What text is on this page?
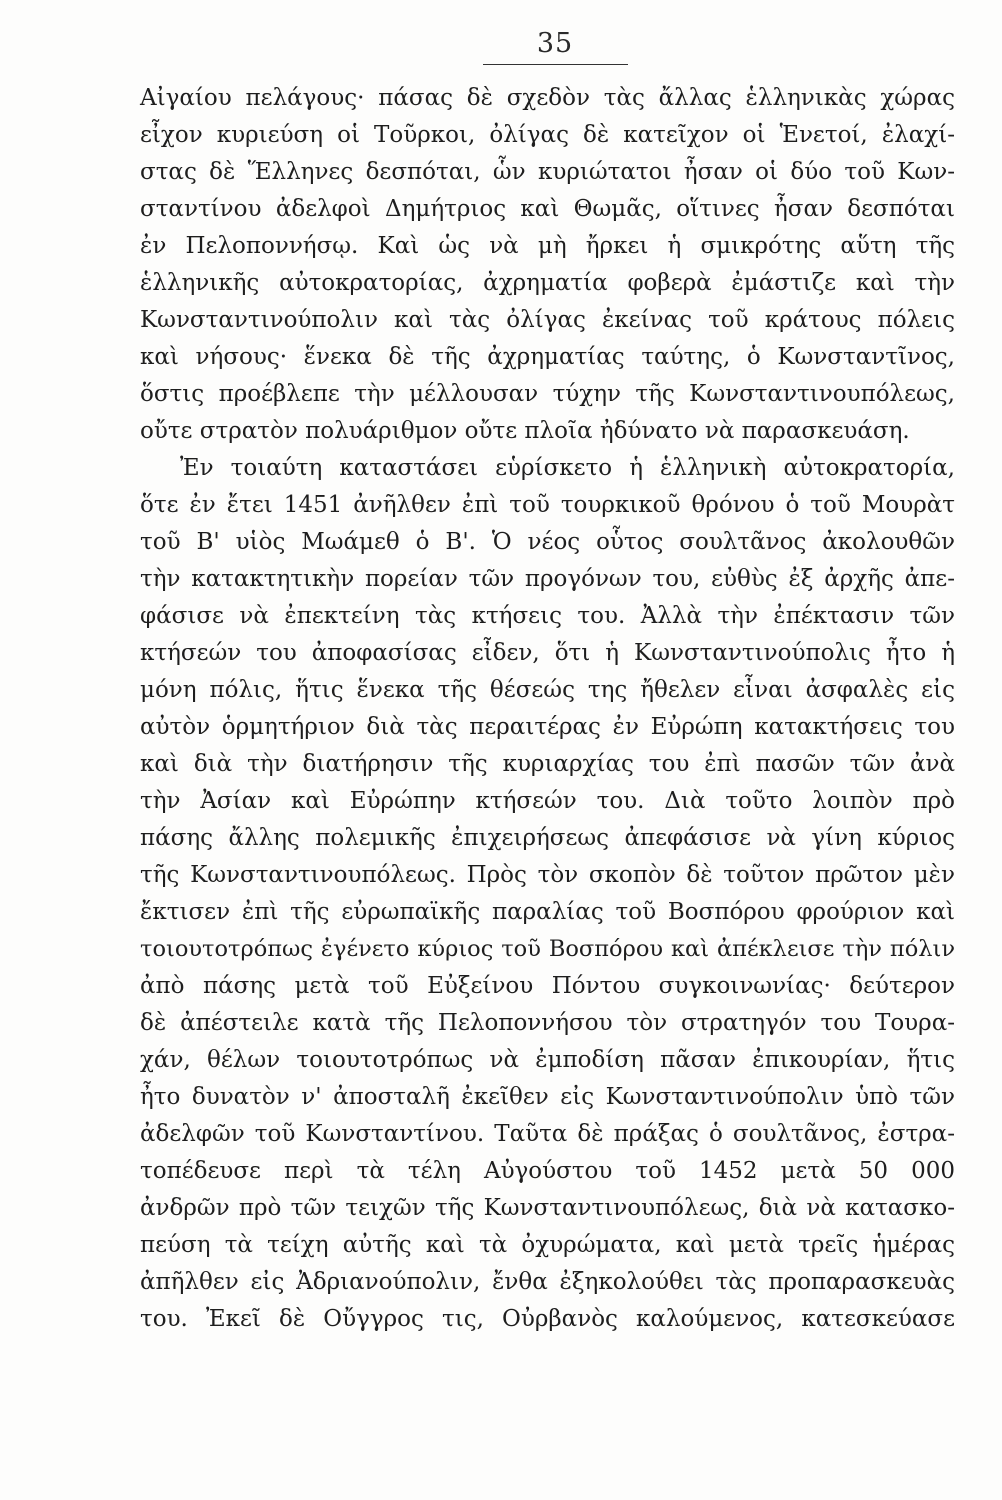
35
Αἰγαίου πελάγους· πάσας δὲ σχεδὸν τὰς ἄλλας ἑλληνικὰς χώρας
εἶχον κυριεύση οἱ Τοῦρκοι, ὀλίγας δὲ κατεῖχον οἱ Ἑνετοί, ἐλαχί-
στας δὲ Ἕλληνες δεσπόται, ὧν κυριώτατοι ἦσαν οἱ δύο τοῦ Κων-
σταντίνου ἀδελφοὶ Δημήτριος καὶ Θωμᾶς, οἵτινες ἦσαν δεσπόται
ἐν Πελοποννήσῳ. Καὶ ὡς νὰ μὴ ἤρκει ἡ σμικρότης αὕτη τῆς
ἑλληνικῆς αὐτοκρατορίας, ἀχρηματία φοβερὰ ἐμάστιζε καὶ τὴν
Κωνσταντινούπολιν καὶ τὰς ὀλίγας ἐκείνας τοῦ κράτους πόλεις
καὶ νήσους· ἕνεκα δὲ τῆς ἀχρηματίας ταύτης, ὁ Κωνσταντῖνος,
ὅστις προέβλεπε τὴν μέλλουσαν τύχην τῆς Κωνσταντινουπόλεως,
οὔτε στρατὸν πολυάριθμον οὔτε πλοῖα ἠδύνατο νὰ παρασκευάση.
Ἐν τοιαύτη καταστάσει εὑρίσκετο ἡ ἑλληνικὴ αὐτοκρατορία,
ὅτε ἐν ἔτει 1451 ἀνῆλθεν ἐπὶ τοῦ τουρκικοῦ θρόνου ὁ τοῦ Μουρὰτ
τοῦ Β' υἱὸς Μωάμεθ ὁ Β'. Ὁ νέος οὗτος σουλτᾶνος ἀκολουθῶν
τὴν κατακτητικὴν πορείαν τῶν προγόνων του, εὐθὺς ἐξ ἀρχῆς ἀπε-
φάσισε νὰ ἐπεκτείνη τὰς κτήσεις του. Ἀλλὰ τὴν ἐπέκτασιν τῶν
κτήσεών του ἀποφασίσας εἶδεν, ὅτι ἡ Κωνσταντινούπολις ἦτο ἡ
μόνη πόλις, ἥτις ἕνεκα τῆς θέσεώς της ἤθελεν εἶναι ἀσφαλὲς εἰς
αὐτὸν ὁρμητήριον διὰ τὰς περαιτέρας ἐν Εὐρώπη κατακτήσεις του
καὶ διὰ τὴν διατήρησιν τῆς κυριαρχίας του ἐπὶ πασῶν τῶν ἀνὰ
τὴν Ἀσίαν καὶ Εὐρώπην κτήσεών του. Διὰ τοῦτο λοιπὸν πρὸ
πάσης ἄλλης πολεμικῆς ἐπιχειρήσεως ἀπεφάσισε νὰ γίνη κύριος
τῆς Κωνσταντινουπόλεως. Πρὸς τὸν σκοπὸν δὲ τοῦτον πρῶτον μὲν
ἔκτισεν ἐπὶ τῆς εὐρωπαϊκῆς παραλίας τοῦ Βοσπόρου φρούριον καὶ
τοιουτοτρόπως ἐγένετο κύριος τοῦ Βοσπόρου καὶ ἀπέκλεισε τὴν πόλιν
ἀπὸ πάσης μετὰ τοῦ Εὐξείνου Πόντου συγκοινωνίας· δεύτερον
δὲ ἀπέστειλε κατὰ τῆς Πελοποννήσου τὸν στρατηγόν του Τουρα-
χάν, θέλων τοιουτοτρόπως νὰ ἐμποδίση πᾶσαν ἐπικουρίαν, ἥτις
ἦτο δυνατὸν ν' ἀποσταλῆ ἐκεῖθεν εἰς Κωνσταντινούπολιν ὑπὸ τῶν
ἀδελφῶν τοῦ Κωνσταντίνου. Ταῦτα δὲ πράξας ὁ σουλτᾶνος, ἐστρα-
τοπέδευσε περὶ τὰ τέλη Αὐγούστου τοῦ 1452 μετὰ 50 000
ἀνδρῶν πρὸ τῶν τειχῶν τῆς Κωνσταντινουπόλεως, διὰ νὰ κατασκο-
πεύση τὰ τείχη αὐτῆς καὶ τὰ ὀχυρώματα, καὶ μετὰ τρεῖς ἡμέρας
ἀπῆλθεν εἰς Ἀδριανούπολιν, ἔνθα ἐξηκολούθει τὰς προπαρασκευὰς
του. Ἐκεῖ δὲ Οὔγγρος τις, Οὐρβανὸς καλούμενος, κατεσκεύασε
